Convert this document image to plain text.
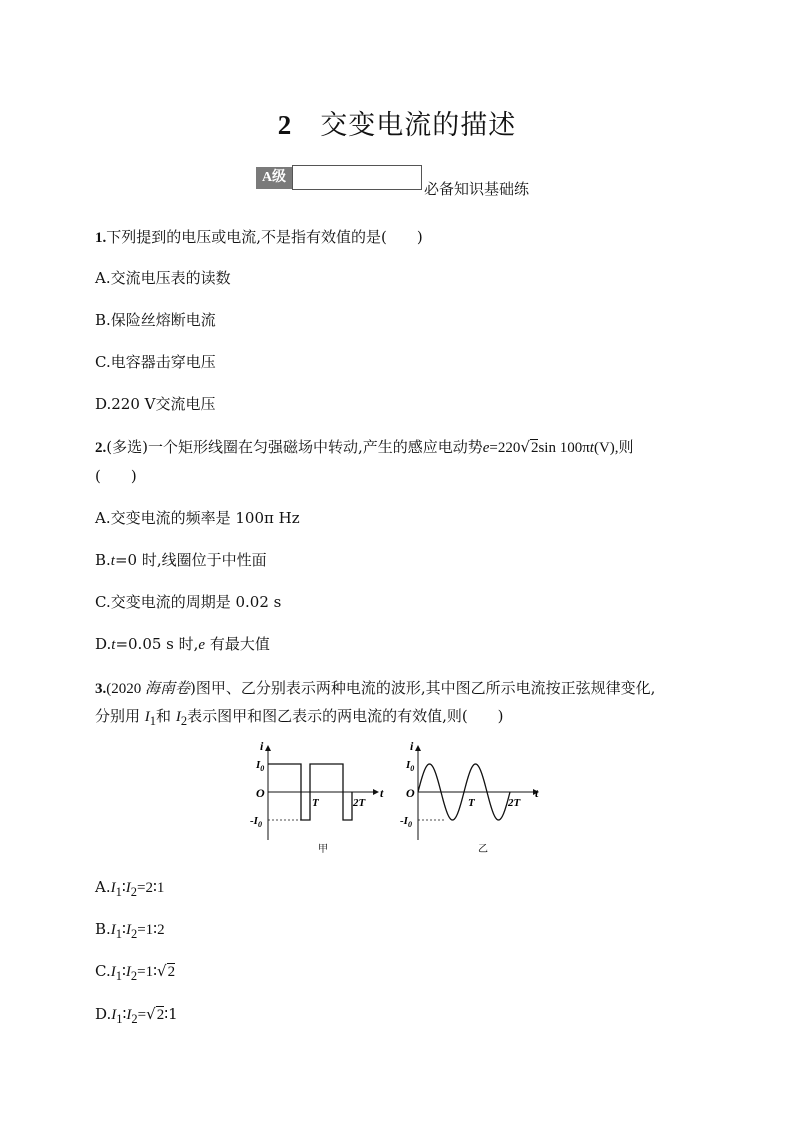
2 交变电流的描述
A级
必备知识基础练
1.下列提到的电压或电流,不是指有效值的是(　　)
A.交流电压表的读数
B.保险丝熔断电流
C.电容器击穿电压
D.220 V交流电压
2.(多选)一个矩形线圈在匀强磁场中转动,产生的感应电动势e=220√2sin 100πt(V),则
(　　)
A.交变电流的频率是 100π Hz
B.t=0 时,线圈位于中性面
C.交变电流的周期是 0.02 s
D.t=0.05 s 时,e 有最大值
3.(2020 海南卷)图甲、乙分别表示两种电流的波形,其中图乙所示电流按正弦规律变化,
分别用 $I_1$和 $I_2$表示图甲和图乙表示的两电流的有效值,则(　　)
i
t
O
$I_0$
$-I_0$
T	2T
甲
i
t
O
$I_0$
$-I_0$
T	2T
乙
$A.I_1∶I_2=2∶1$
$B.I_1∶I_2=1∶2$
$C.I_1∶I_2=1∶√2$
$D.I_1∶I_2=√2∶1$
